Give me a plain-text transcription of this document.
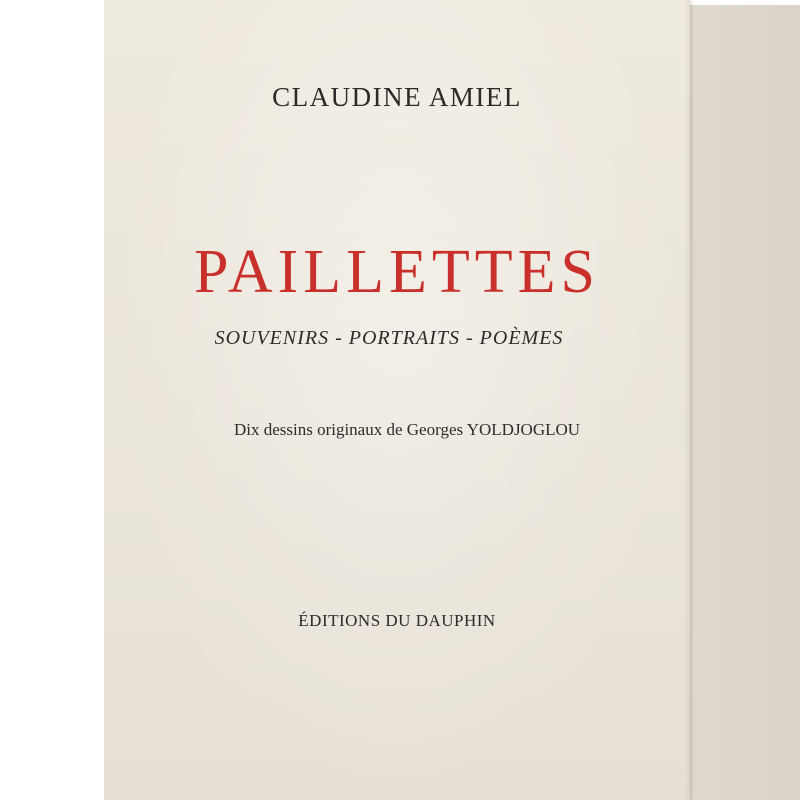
CLAUDINE AMIEL
PAILLETTES
SOUVENIRS - PORTRAITS - POÈMES
Dix dessins originaux de Georges YOLDJOGLOU
ÉDITIONS DU DAUPHIN
